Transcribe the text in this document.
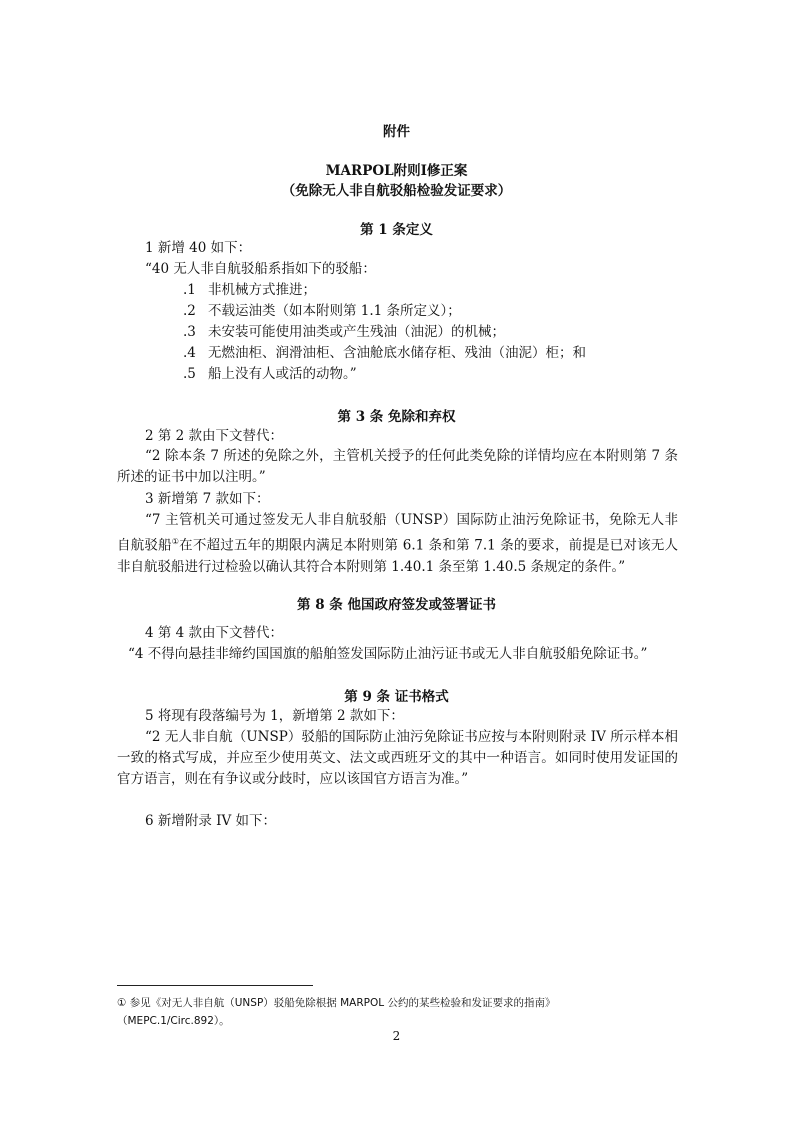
附件
MARPOL附则I修正案
（免除无人非自航驳船检验发证要求）
第 1 条定义
1 新增 40 如下：
“40 无人非自航驳船系指如下的驳船：
.1 非机械方式推进；
.2 不载运油类（如本附则第 1.1 条所定义）；
.3 未安装可能使用油类或产生残油（油泥）的机械；
.4 无燃油柜、润滑油柜、含油舱底水储存柜、残油（油泥）柜；和
.5 船上没有人或活的动物。”
第 3 条 免除和弃权
2 第 2 款由下文替代：
“2 除本条 7 所述的免除之外，主管机关授予的任何此类免除的详情均应在本附则第 7 条所述的证书中加以注明。”
3 新增第 7 款如下：
“7 主管机关可通过签发无人非自航驳船（UNSP）国际防止油污免除证书，免除无人非自航驳船①在不超过五年的期限内满足本附则第 6.1 条和第 7.1 条的要求，前提是已对该无人非自航驳船进行过检验以确认其符合本附则第 1.40.1 条至第 1.40.5 条规定的条件。”
第 8 条 他国政府签发或签署证书
4 第 4 款由下文替代：
“4 不得向悬挂非缔约国国旗的船舶签发国际防止油污证书或无人非自航驳船免除证书。”
第 9 条 证书格式
5 将现有段落编号为 1，新增第 2 款如下：
“2 无人非自航（UNSP）驳船的国际防止油污免除证书应按与本附则附录 IV 所示样本相一致的格式写成，并应至少使用英文、法文或西班牙文的其中一种语言。如同时使用发证国的官方语言，则在有争议或分歧时，应以该国官方语言为准。”
6 新增附录 IV 如下：
① 参见《对无人非自航（UNSP）驳船免除根据 MARPOL 公约的某些检验和发证要求的指南》
（MEPC.1/Circ.892）。
2
